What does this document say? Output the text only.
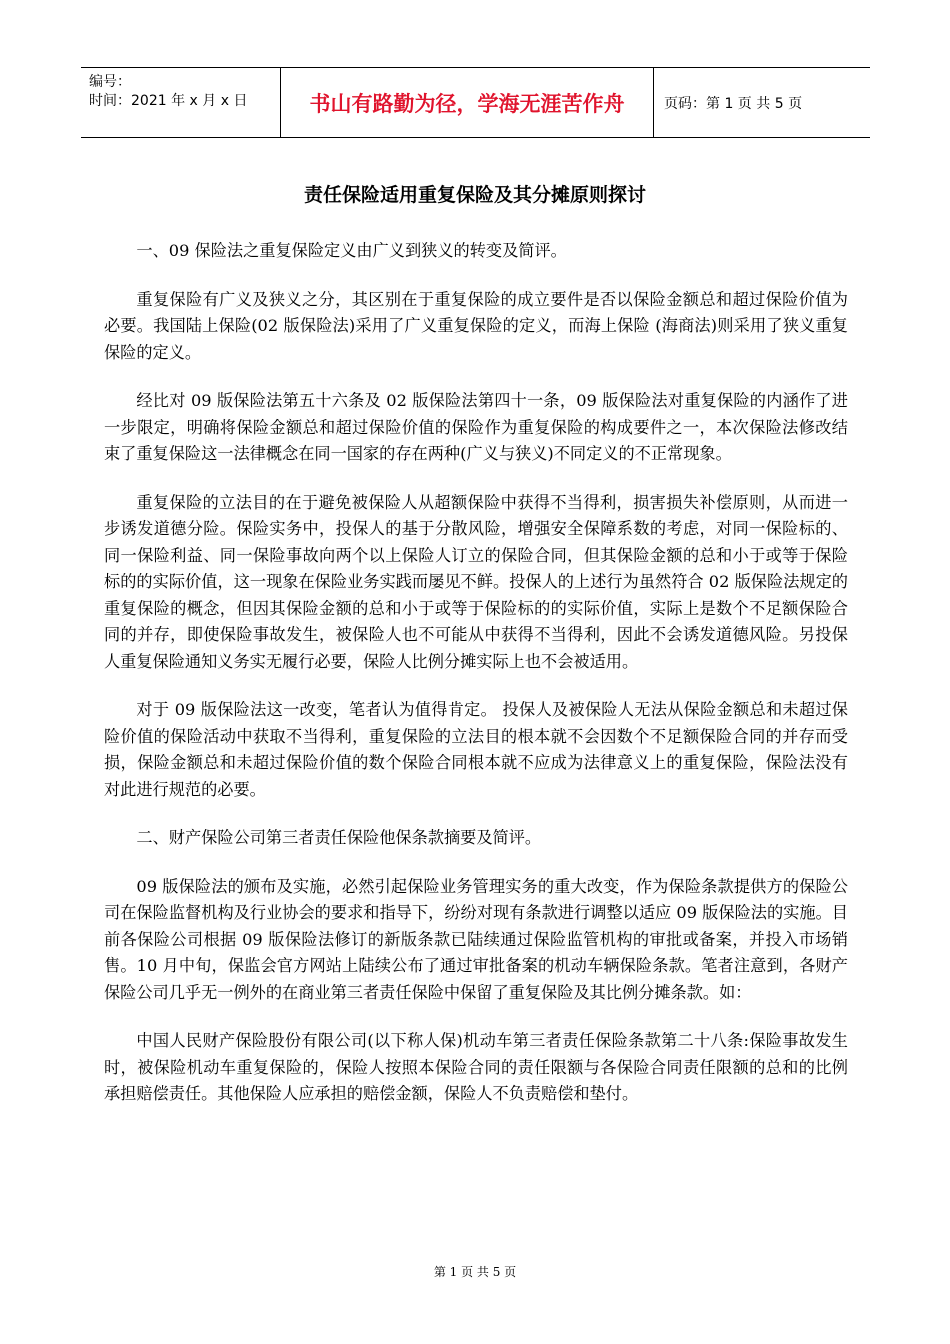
编号：
时间：2021 年 x 月 x 日	书山有路勤为径，学海无涯苦作舟	页码：第 1 页 共 5 页
责任保险适用重复保险及其分摊原则探讨

一、09 保险法之重复保险定义由广义到狭义的转变及简评。

重复保险有广义及狭义之分，其区别在于重复保险的成立要件是否以保险金额总和超过保险价值为必要。我国陆上保险(02 版保险法)采用了广义重复保险的定义，而海上保险 (海商法)则采用了狭义重复保险的定义。

经比对 09 版保险法第五十六条及 02 版保险法第四十一条，09 版保险法对重复保险的内涵作了进一步限定，明确将保险金额总和超过保险价值的保险作为重复保险的构成要件之一，本次保险法修改结束了重复保险这一法律概念在同一国家的存在两种(广义与狭义)不同定义的不正常现象。

重复保险的立法目的在于避免被保险人从超额保险中获得不当得利，损害损失补偿原则，从而进一步诱发道德分险。保险实务中，投保人的基于分散风险，增强安全保障系数的考虑，对同一保险标的、同一保险利益、同一保险事故向两个以上保险人订立的保险合同，但其保险金额的总和小于或等于保险标的的实际价值，这一现象在保险业务实践而屡见不鲜。投保人的上述行为虽然符合 02 版保险法规定的重复保险的概念，但因其保险金额的总和小于或等于保险标的的实际价值，实际上是数个不足额保险合同的并存，即使保险事故发生，被保险人也不可能从中获得不当得利，因此不会诱发道德风险。另投保人重复保险通知义务实无履行必要，保险人比例分摊实际上也不会被适用。

对于 09 版保险法这一改变，笔者认为值得肯定。 投保人及被保险人无法从保险金额总和未超过保险价值的保险活动中获取不当得利，重复保险的立法目的根本就不会因数个不足额保险合同的并存而受损，保险金额总和未超过保险价值的数个保险合同根本就不应成为法律意义上的重复保险，保险法没有对此进行规范的必要。

二、财产保险公司第三者责任保险他保条款摘要及简评。

09 版保险法的颁布及实施，必然引起保险业务管理实务的重大改变，作为保险条款提供方的保险公司在保险监督机构及行业协会的要求和指导下，纷纷对现有条款进行调整以适应 09 版保险法的实施。目前各保险公司根据 09 版保险法修订的新版条款已陆续通过保险监管机构的审批或备案，并投入市场销售。10 月中旬，保监会官方网站上陆续公布了通过审批备案的机动车辆保险条款。笔者注意到，各财产保险公司几乎无一例外的在商业第三者责任保险中保留了重复保险及其比例分摊条款。如：

中国人民财产保险股份有限公司(以下称人保)机动车第三者责任保险条款第二十八条:保险事故发生时，被保险机动车重复保险的，保险人按照本保险合同的责任限额与各保险合同责任限额的总和的比例承担赔偿责任。其他保险人应承担的赔偿金额，保险人不负责赔偿和垫付。

第 1 页 共 5 页
